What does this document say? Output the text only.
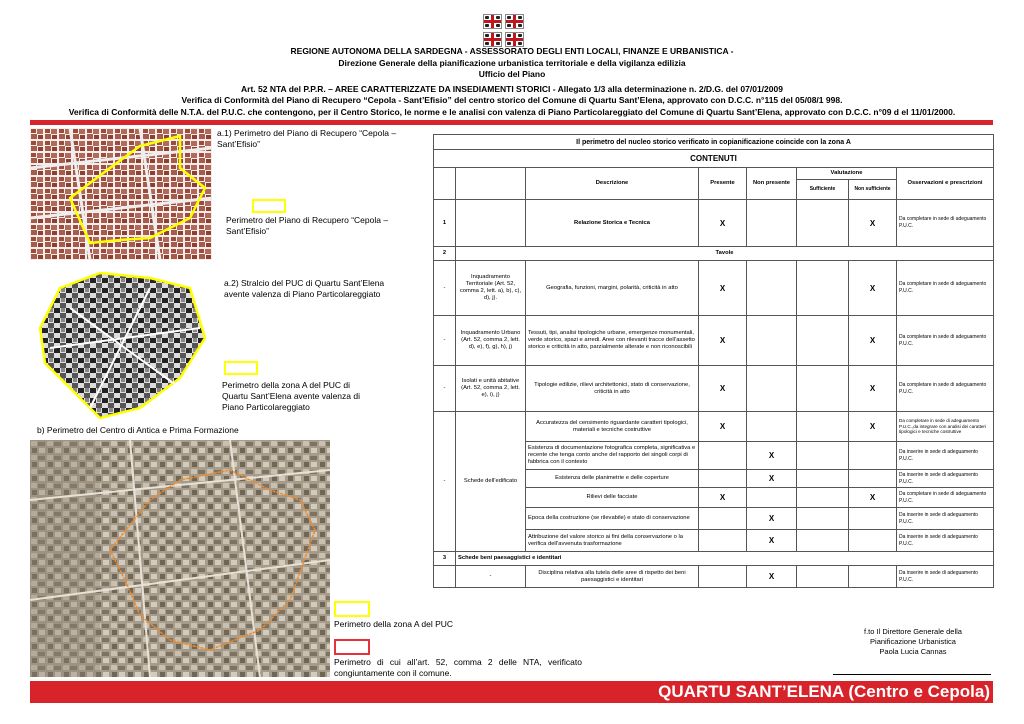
REGIONE AUTONOMA DELLA SARDEGNA - ASSESSORATO DEGLI ENTI LOCALI, FINANZE E URBANISTICA -
Direzione Generale della pianificazione urbanistica territoriale e della vigilanza edilizia
Ufficio del Piano
Art. 52 NTA del P.P.R. – AREE CARATTERIZZATE DA INSEDIAMENTI STORICI - Allegato 1/3 alla determinazione n. 2/D.G. del 07/01/2009
Verifica di Conformità del Piano di Recupero “Cepola - Sant’Efisio” del centro storico del Comune di Quartu Sant’Elena, approvato con D.C.C. n°115 del 05/08/1 998.
Verifica di Conformità delle N.T.A. del P.U.C. che contengono, per il Centro Storico, le norme e le analisi con valenza di Piano Particolareggiato del Comune di Quartu Sant’Elena, approvato con D.C.C. n°09 d el 11/01/2000.
a.1) Perimetro del Piano di Recupero “Cepola – Sant’Efisio”
Perimetro del Piano di Recupero “Cepola – Sant’Efisio”
a.2) Stralcio del PUC di Quartu Sant’Elena avente valenza di Piano Particolareggiato
Perimetro della zona A del PUC di Quartu Sant’Elena avente valenza di Piano Particolareggiato
b) Perimetro del Centro di Antica e Prima Formazione
Perimetro della zona A del PUC
Perimetro di cui all’art. 52, comma 2 delle NTA, verificato congiuntamente con il comune.
Il perimetro del nucleo storico verificato in copianificazione coincide con la zona A							
CONTENUTI							
		Descrizione	Presente	Non presente	Valutazione		Osservazioni e prescrizioni
					Sufficiente	Non sufficiente	
1		Relazione Storica e Tecnica	X			X	Da completare in sede di adeguamento P.U.C.
2	Tavole						
-	Inquadramento Territoriale (Art. 52, comma 2, lett. a), b), c), d), j).	Geografia, funzioni, margini, polarità, criticità in atto	X			X	Da completare in sede di adeguamento P.U.C.
-	Inquadramento Urbano (Art. 52, comma 2, lett. d), e), f), g), h), j)	Tessuti, tipi, analisi tipologiche urbane, emergenze monumentali, verde storico, spazi e arredi. Aree con rilevanti tracce dell’assetto storico e criticità in atto, parzialmente alterate e non riconoscibili	X			X	Da completare in sede di adeguamento P.U.C.
-	Isolati e unità abitative (Art. 52, comma 2, lett. e), i), j)	Tipologie edilizie, rilievi architettonici, stato di conservazione, criticità in atto	X			X	Da completare in sede di adeguamento P.U.C.
-	Schede dell’edificato	Accuratezza del censimento riguardante caratteri tipologici, materiali e tecniche costruttive	X			X	Da completare in sede di adeguamento P.U.C.,da integrare con analisi dei caratteri tipologici e tecniche costruttive
		Esistenza di documentazione fotografica completa, significativa e recente che tenga conto anche del rapporto dei singoli corpi di fabbrica con il contesto		X			Da inserire in sede di adeguamento P.U.C.
		Esistenza delle planimetrie e delle coperture		X			Da inserire in sede di adeguamento P.U.C.
		Rilievi delle facciate	X			X	Da completare in sede di adeguamento P.U.C.
		Epoca della costruzione (se rilevabile) e stato di conservazione		X			Da inserire in sede di adeguamento P.U.C.
		Attribuzione del valore storico ai fini della conservazione o la verifica dell’avvenuta trasformazione		X			Da inserire in sede di adeguamento P.U.C.
3	Schede beni paesaggistici e identitari						
	-	Disciplina relativa alla tutela delle aree di rispetto dei beni paesaggistici e identitari		X			Da inserire in sede di adeguamento P.U.C.
f.to Il Direttore Generale della
Pianificazione Urbanistica
Paola Lucia Cannas
QUARTU SANT’ELENA (Centro e Cepola)
